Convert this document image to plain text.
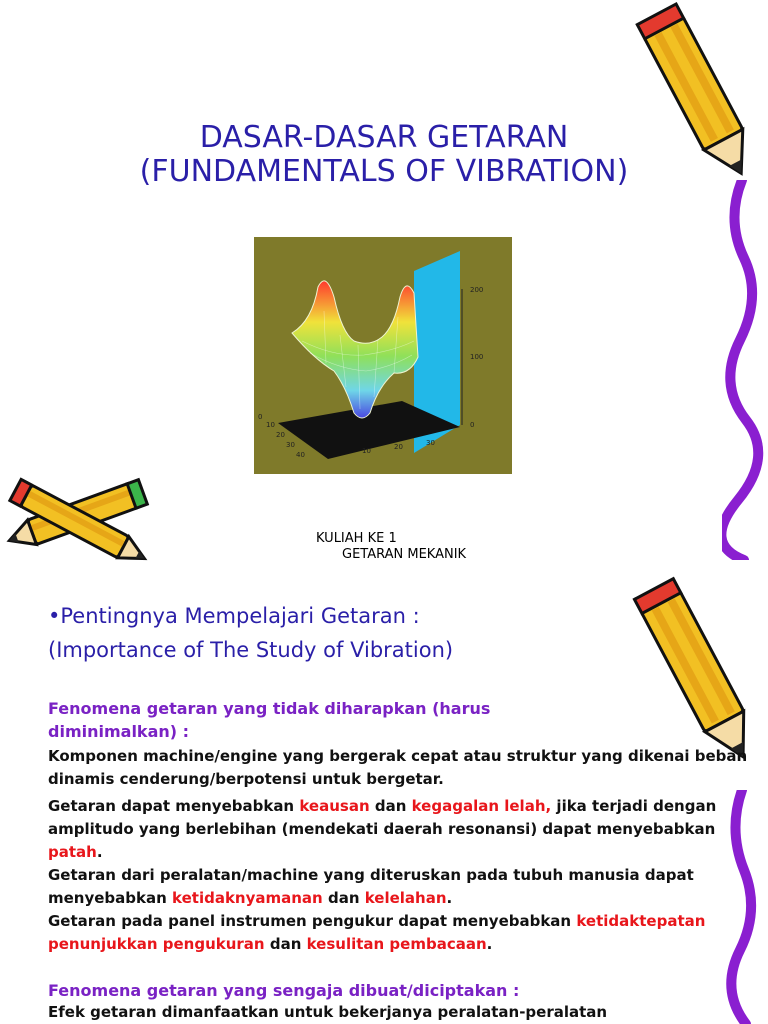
DASAR-DASAR GETARAN
(FUNDAMENTALS OF VIBRATION)
200
100
0
0
10
20
30
40	10	20	30
KULIAH KE 1
GETARAN MEKANIK
•Pentingnya Mempelajari Getaran :
(Importance of The Study of Vibration)
Fenomena getaran yang tidak diharapkan (harus
diminimalkan) :
Komponen machine/engine yang bergerak cepat atau struktur yang dikenai beban dinamis cenderung/berpotensi untuk bergetar.
Getaran dapat menyebabkan keausan dan kegagalan lelah, jika terjadi dengan amplitudo yang berlebihan (mendekati daerah resonansi) dapat menyebabkan patah.
Getaran dari peralatan/machine yang diteruskan pada tubuh manusia dapat menyebabkan ketidaknyamanan dan kelelahan.
Getaran pada panel instrumen pengukur dapat menyebabkan ketidaktepatan penunjukkan pengukuran dan kesulitan pembacaan.
Fenomena getaran yang sengaja dibuat/diciptakan :
Efek getaran dimanfaatkan untuk bekerjanya peralatan-peralatan
